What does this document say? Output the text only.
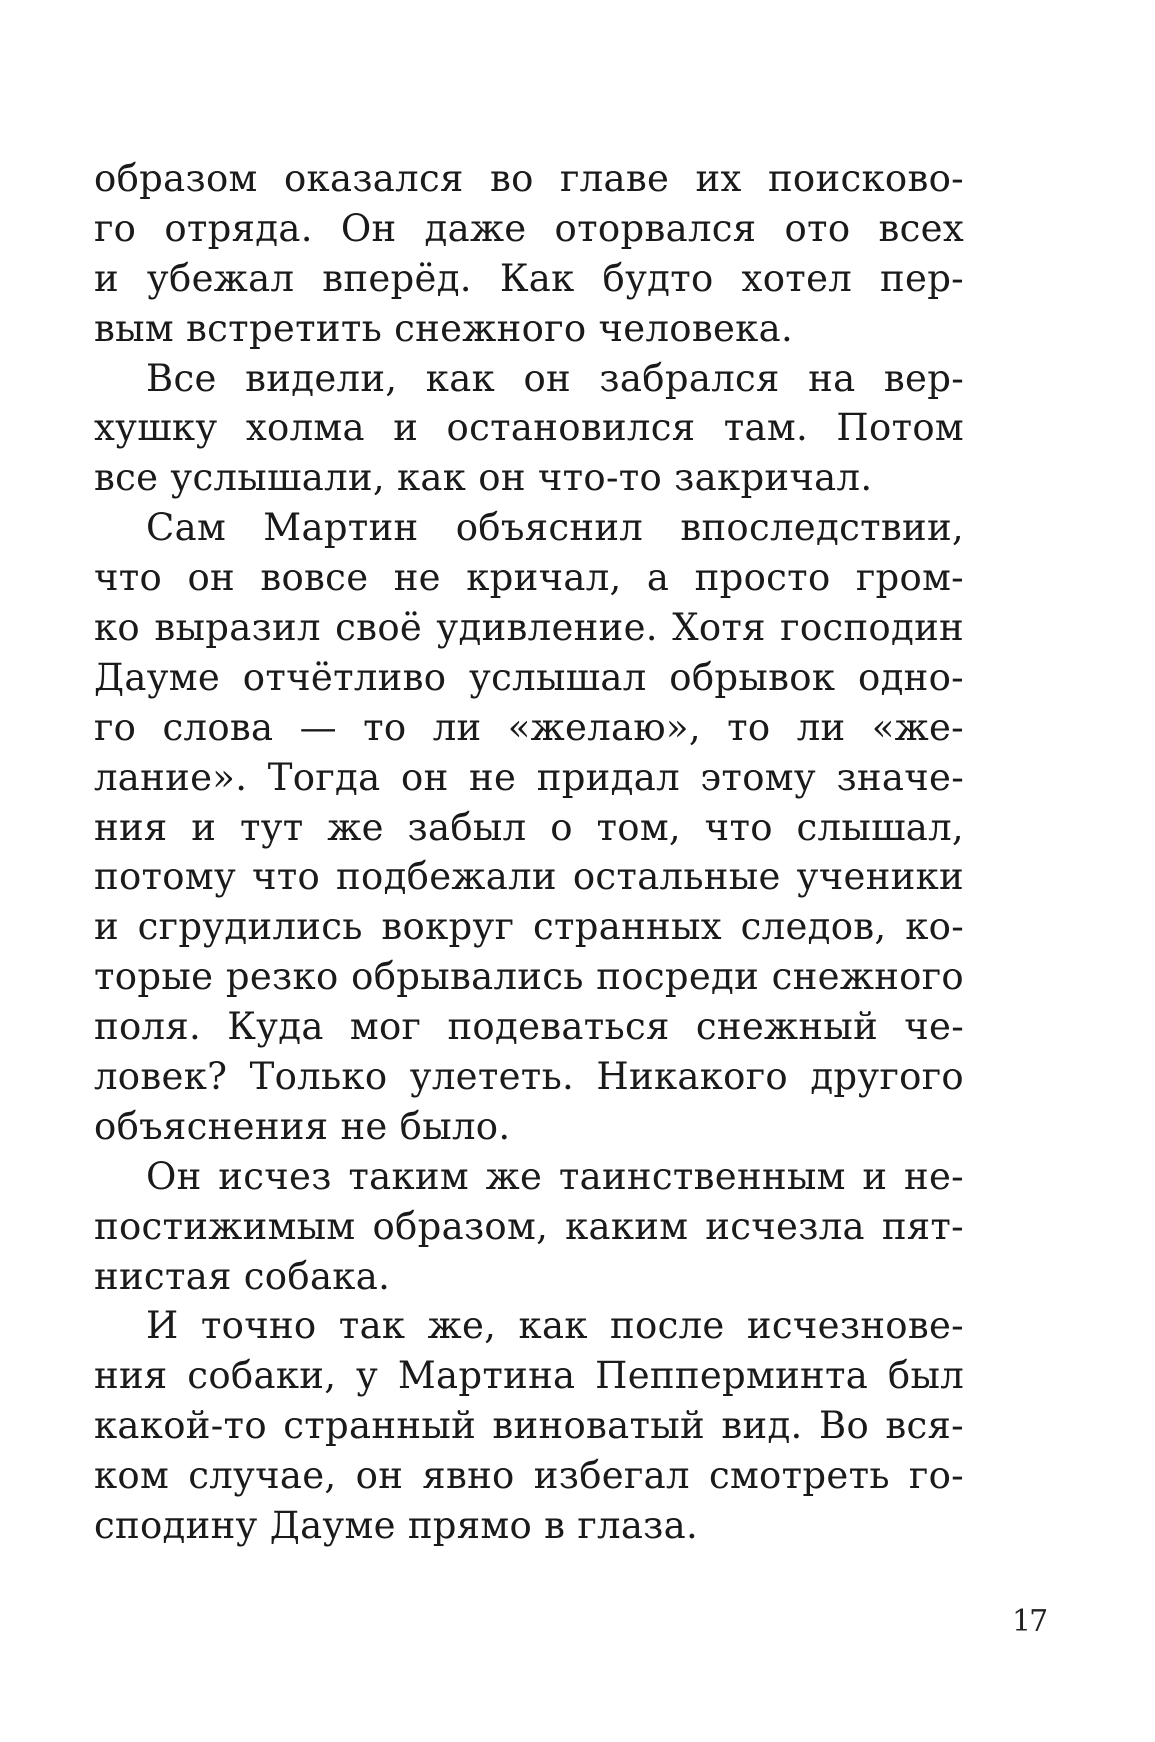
образом оказался во главе их поисково-
го отряда. Он даже оторвался ото всех
и убежал вперёд. Как будто хотел пер-
вым встретить снежного человека.
Все видели, как он забрался на вер-
хушку холма и остановился там. Потом
все услышали, как он что-то закричал.
Сам Мартин объяснил впоследствии,
что он вовсе не кричал, а просто гром-
ко выразил своё удивление. Хотя господин
Дауме отчётливо услышал обрывок одно-
го слова — то ли «желаю», то ли «же-
лание». Тогда он не придал этому значе-
ния и тут же забыл о том, что слышал,
потому что подбежали остальные ученики
и сгрудились вокруг странных следов, ко-
торые резко обрывались посреди снежного
поля. Куда мог подеваться снежный че-
ловек? Только улететь. Никакого другого
объяснения не было.
Он исчез таким же таинственным и не-
постижимым образом, каким исчезла пят-
нистая собака.
И точно так же, как после исчезнове-
ния собаки, у Мартина Пепперминта был
какой-то странный виноватый вид. Во вся-
ком случае, он явно избегал смотреть го-
сподину Дауме прямо в глаза.
17
